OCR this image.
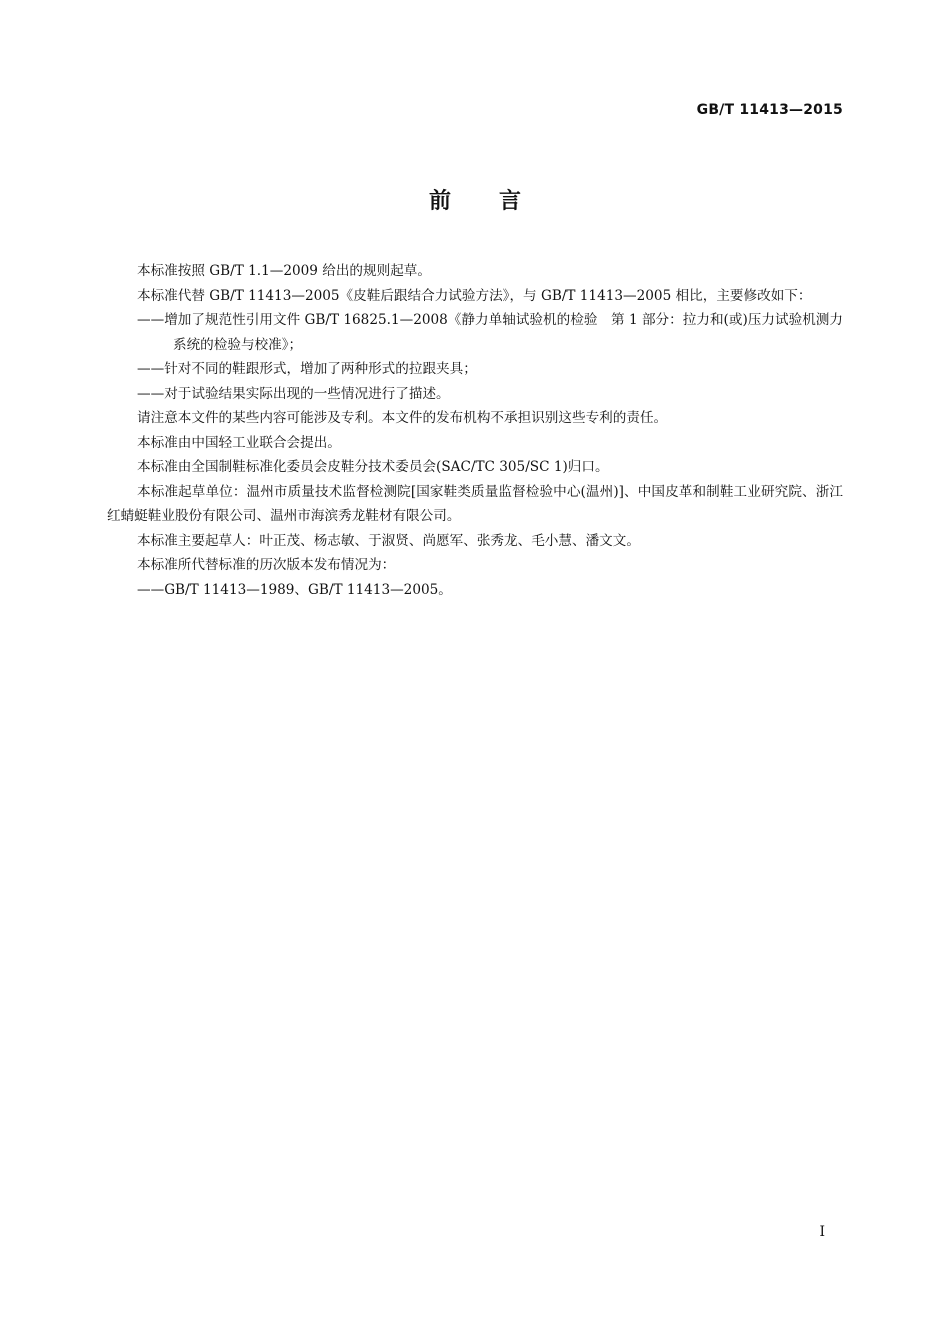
GB/T 11413—2015
前言

本标准按照 GB/T 1.1—2009 给出的规则起草。

本标准代替 GB/T 11413—2005《皮鞋后跟结合力试验方法》，与 GB/T 11413—2005 相比，主要修改如下：

——增加了规范性引用文件 GB/T 16825.1—2008《静力单轴试验机的检验　第 1 部分：拉力和(或)压力试验机测力系统的检验与校准》；

——针对不同的鞋跟形式，增加了两种形式的拉跟夹具；

——对于试验结果实际出现的一些情况进行了描述。

请注意本文件的某些内容可能涉及专利。本文件的发布机构不承担识别这些专利的责任。

本标准由中国轻工业联合会提出。

本标准由全国制鞋标准化委员会皮鞋分技术委员会(SAC/TC 305/SC 1)归口。

本标准起草单位：温州市质量技术监督检测院[国家鞋类质量监督检验中心(温州)]、中国皮革和制鞋工业研究院、浙江红蜻蜓鞋业股份有限公司、温州市海滨秀龙鞋材有限公司。

本标准主要起草人：叶正茂、杨志敏、于淑贤、尚愿军、张秀龙、毛小慧、潘文文。

本标准所代替标准的历次版本发布情况为：

——GB/T 11413—1989、GB/T 11413—2005。

I
